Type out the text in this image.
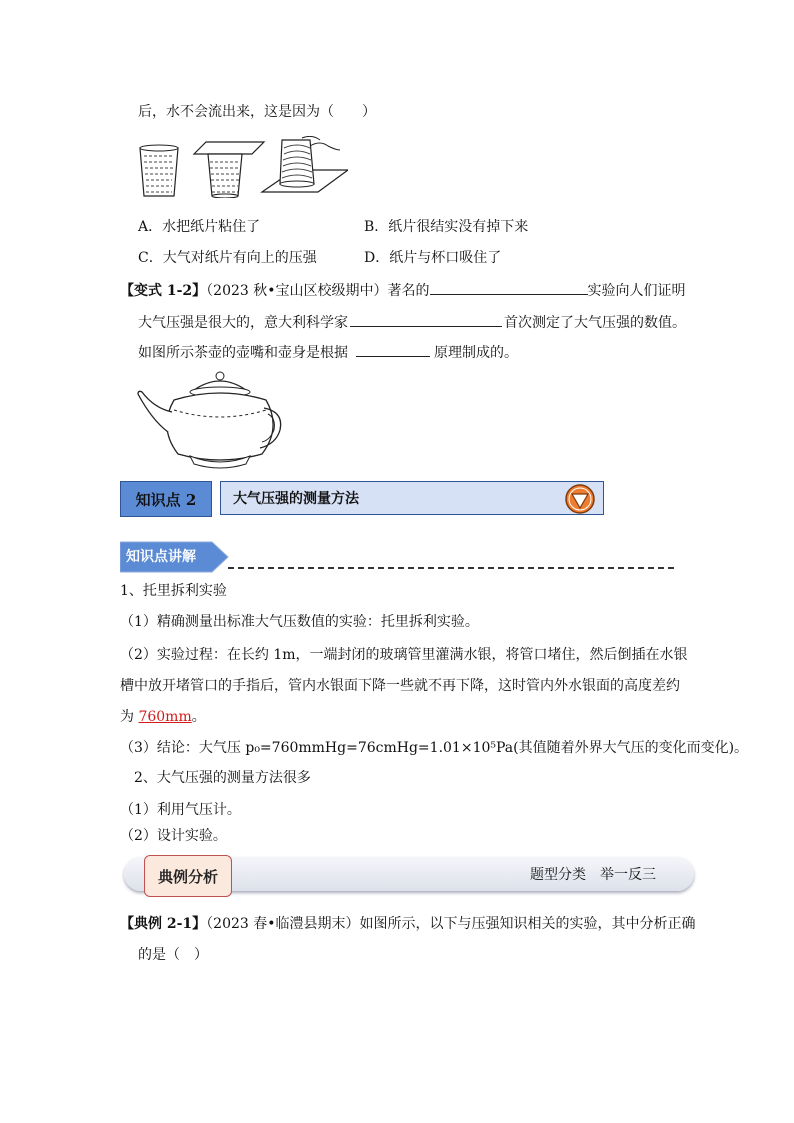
后，水不会流出来，这是因为（　　）
A．水把纸片粘住了	B．纸片很结实没有掉下来
C．大气对纸片有向上的压强	D．纸片与杯口吸住了
【变式 1-2】（2023 秋•宝山区校级期中）著名的	实验向人们证明
大气压强是很大的，意大利科学家	首次测定了大气压强的数值。
如图所示茶壶的壶嘴和壶身是根据	原理制成的。
知识点 2	大气压强的测量方法
知识点讲解
1、托里拆利实验
（1）精确测量出标准大气压数值的实验：托里拆利实验。
（2）实验过程：在长约 1m，一端封闭的玻璃管里灌满水银，将管口堵住，然后倒插在水银
槽中放开堵管口的手指后，管内水银面下降一些就不再下降，这时管内外水银面的高度差约
为 760mm。
（3）结论：大气压 p₀=760mmHg=76cmHg=1.01×10⁵Pa(其值随着外界大气压的变化而变化)。
2、大气压强的测量方法很多
（1）利用气压计。
（2）设计实验。
典例分析	题型分类　举一反三
【典例 2-1】（2023 春•临澧县期末）如图所示，以下与压强知识相关的实验，其中分析正确
的是（　）
